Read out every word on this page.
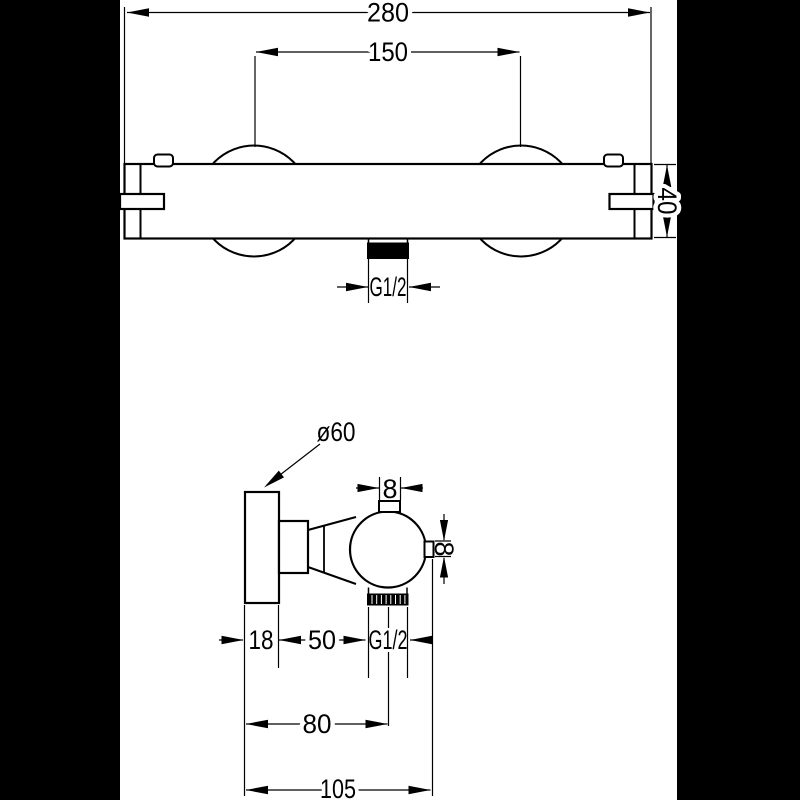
280
150
40
G1/2
ø60
8
8
18 50 G1/2
80
105
